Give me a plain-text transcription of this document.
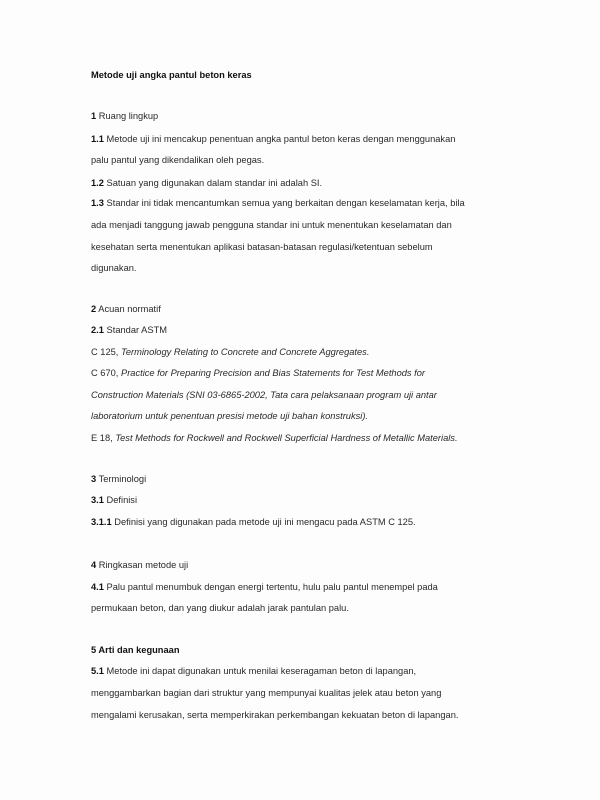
Metode uji angka pantul beton keras
1 Ruang lingkup
1.1 Metode uji ini mencakup penentuan angka pantul beton keras dengan menggunakan
palu pantul yang dikendalikan oleh pegas.
1.2 Satuan yang digunakan dalam standar ini adalah SI.
1.3 Standar ini tidak mencantumkan semua yang berkaitan dengan keselamatan kerja, bila
ada menjadi tanggung jawab pengguna standar ini untuk menentukan keselamatan dan
kesehatan serta menentukan aplikasi batasan-batasan regulasi/ketentuan sebelum
digunakan.
2 Acuan normatif
2.1 Standar ASTM
C 125, Terminology Relating to Concrete and Concrete Aggregates.
C 670, Practice for Preparing Precision and Bias Statements for Test Methods for
Construction Materials (SNI 03-6865-2002, Tata cara pelaksanaan program uji antar
laboratorium untuk penentuan presisi metode uji bahan konstruksi).
E 18, Test Methods for Rockwell and Rockwell Superficial Hardness of Metallic Materials.
3 Terminologi
3.1 Definisi
3.1.1 Definisi yang digunakan pada metode uji ini mengacu pada ASTM C 125.
4 Ringkasan metode uji
4.1 Palu pantul menumbuk dengan energi tertentu, hulu palu pantul menempel pada
permukaan beton, dan yang diukur adalah jarak pantulan palu.
5 Arti dan kegunaan
5.1 Metode ini dapat digunakan untuk menilai keseragaman beton di lapangan,
menggambarkan bagian dari struktur yang mempunyai kualitas jelek atau beton yang
mengalami kerusakan, serta memperkirakan perkembangan kekuatan beton di lapangan.
